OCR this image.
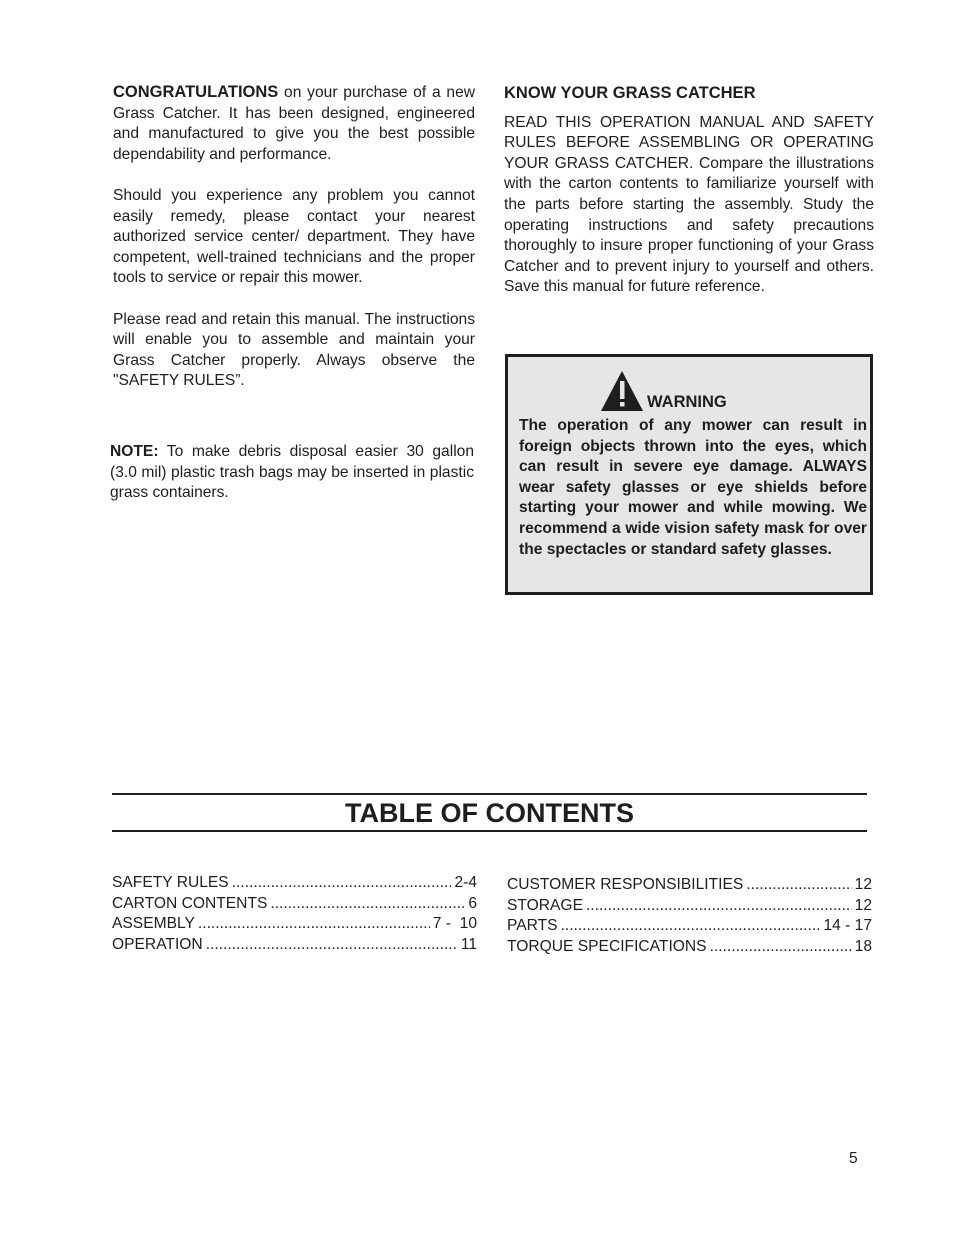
CONGRATULATIONS on your purchase of a new Grass Catcher. It has been designed, engineered and manufactured to give you the best possible dependability and performance.

Should you experience any problem you cannot easily remedy, please contact your nearest authorized service center/ department. They have competent, well-trained technicians and the proper tools to service or repair this mower.

Please read and retain this manual. The instructions will enable you to assemble and maintain your Grass Catcher properly. Always observe the "SAFETY RULES”.

NOTE: To make debris disposal easier 30 gallon (3.0 mil) plastic trash bags may be inserted in plastic grass containers.
KNOW YOUR GRASS CATCHER
READ THIS OPERATION MANUAL AND SAFETY RULES BEFORE ASSEMBLING OR OPERATING YOUR GRASS CATCHER. Compare the illustrations with the carton contents to familiarize yourself with the parts before starting the assembly. Study the operating instructions and safety precautions thoroughly to insure proper functioning of your Grass Catcher and to prevent injury to yourself and others. Save this manual for future reference.
WARNING
The operation of any mower can result in foreign objects thrown into the eyes, which can result in severe eye damage. ALWAYS wear safety glasses or eye shields before starting your mower and while mowing. We recommend a wide vision safety mask for over the spectacles or standard safety glasses.
TABLE OF CONTENTS
SAFETY RULES .....	2-4
CARTON CONTENTS .....	6
ASSEMBLY .....	7 -  10
OPERATION .....	11
CUSTOMER RESPONSIBILITIES .....	12
STORAGE .....	12
PARTS .....	14 - 17
TORQUE SPECIFICATIONS .....	18
5
